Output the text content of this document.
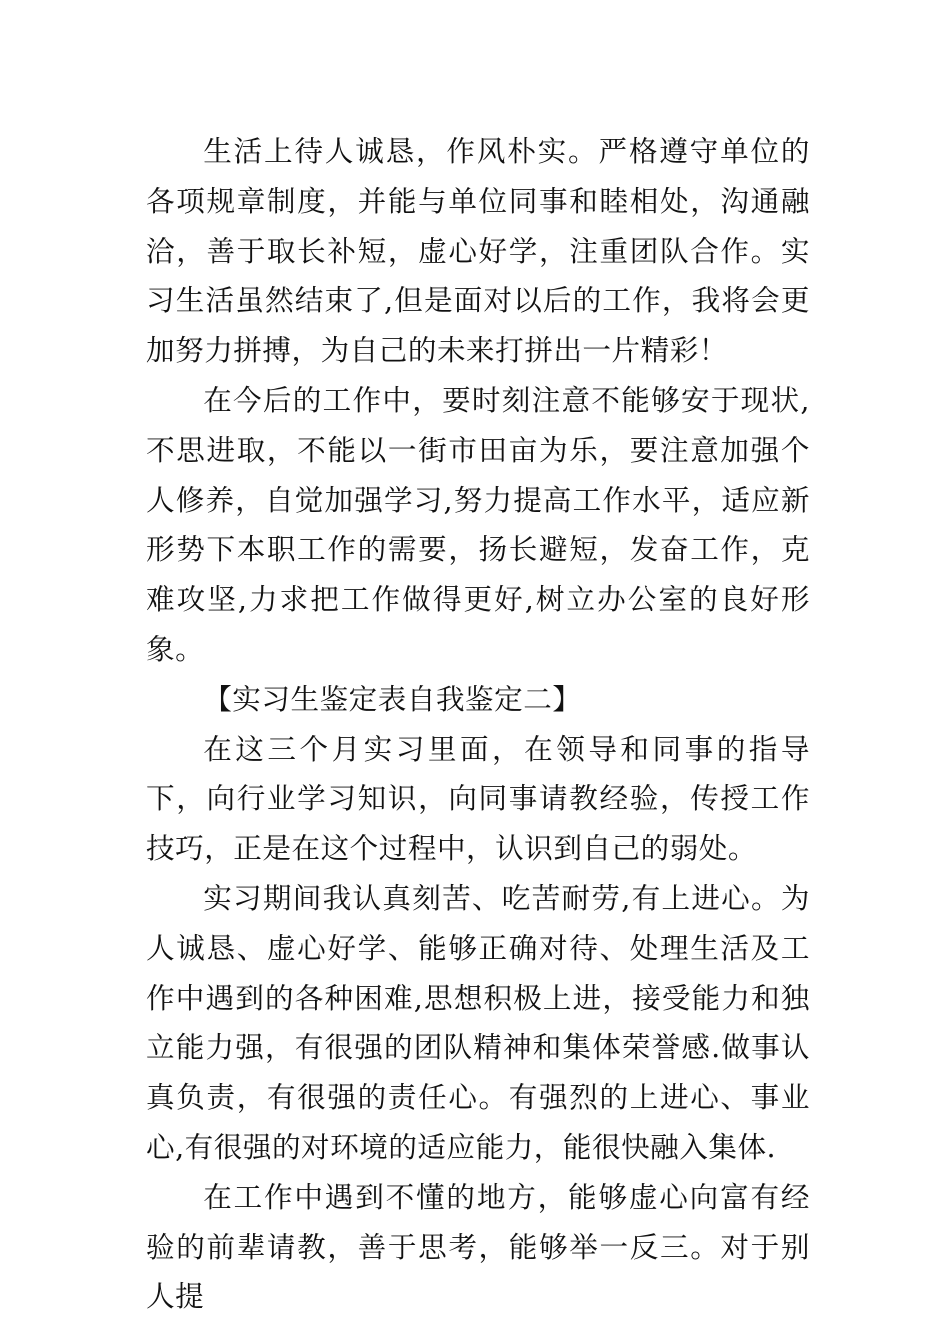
生活上待人诚恳，作风朴实。严格遵守单位的各项规章制度，并能与单位同事和睦相处，沟通融洽，善于取长补短，虚心好学，注重团队合作。实习生活虽然结束了,但是面对以后的工作，我将会更加努力拼搏，为自己的未来打拼出一片精彩！

在今后的工作中，要时刻注意不能够安于现状,不思进取，不能以一街市田亩为乐，要注意加强个人修养，自觉加强学习,努力提高工作水平，适应新形势下本职工作的需要，扬长避短，发奋工作，克难攻坚,力求把工作做得更好,树立办公室的良好形象。

【实习生鉴定表自我鉴定二】

在这三个月实习里面，在领导和同事的指导下，向行业学习知识，向同事请教经验，传授工作技巧，正是在这个过程中，认识到自己的弱处。

实习期间我认真刻苦、吃苦耐劳,有上进心。为人诚恳、虚心好学、能够正确对待、处理生活及工作中遇到的各种困难,思想积极上进，接受能力和独立能力强，有很强的团队精神和集体荣誉感.做事认真负责，有很强的责任心。有强烈的上进心、事业心,有很强的对环境的适应能力，能很快融入集体.

在工作中遇到不懂的地方，能够虚心向富有经验的前辈请教，善于思考，能够举一反三。对于别人提
